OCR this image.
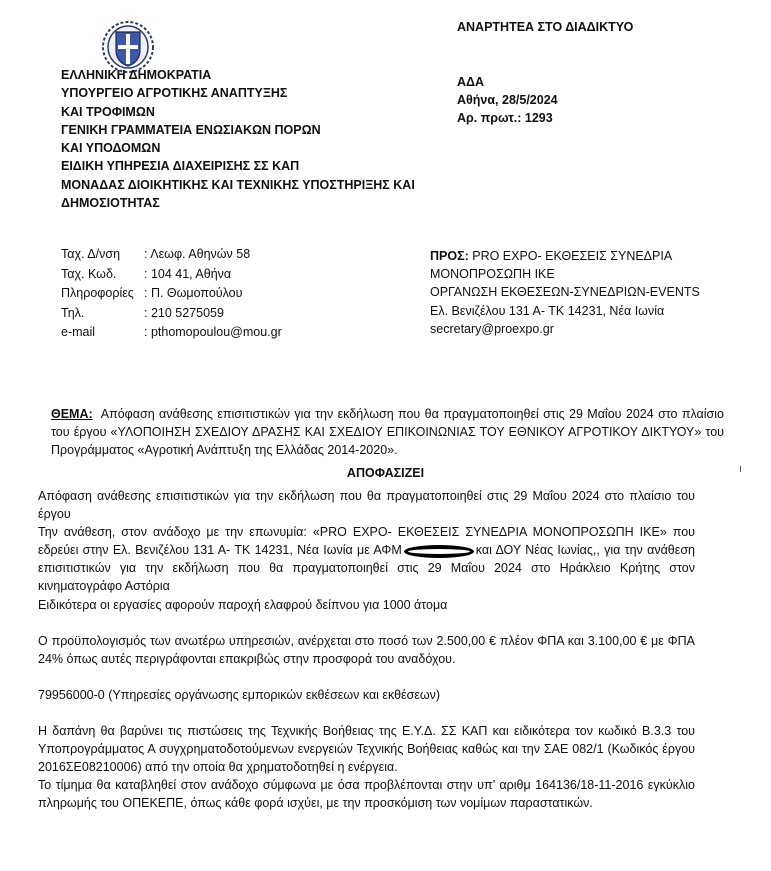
ΕΛΛΗΝΙΚΗ ΔΗΜΟΚΡΑΤΙΑ
ΥΠΟΥΡΓΕΙΟ ΑΓΡΟΤΙΚΗΣ ΑΝΑΠΤΥΞΗΣ
ΚΑΙ ΤΡΟΦΙΜΩΝ
ΓΕΝΙΚΗ ΓΡΑΜΜΑΤΕΙΑ ΕΝΩΣΙΑΚΩΝ ΠΟΡΩΝ
ΚΑΙ ΥΠΟΔΟΜΩΝ
ΕΙΔΙΚΗ ΥΠΗΡΕΣΙΑ ΔΙΑΧΕΙΡΙΣΗΣ ΣΣ ΚΑΠ
ΜΟΝΑΔΑΣ ΔΙΟΙΚΗΤΙΚΗΣ ΚΑΙ ΤΕΧΝΙΚΗΣ ΥΠΟΣΤΗΡΙΞΗΣ ΚΑΙ
ΔΗΜΟΣΙΟΤΗΤΑΣ
ΑΝΑΡΤΗΤΕΑ ΣΤΟ ΔΙΑΔΙΚΤΥΟ
ΑΔΑ
Αθήνα, 28/5/2024
Αρ. πρωτ.: 1293
Ταχ. Δ/νση	: Λεωφ. Αθηνών 58
Ταχ. Κωδ.	: 104 41, Αθήνα
Πληροφορίες : Π. Θωμοπούλου
Τηλ.	: 210 5275059
e-mail	: pthomopoulou@mou.gr
ΠΡΟΣ: PRO EXPO- ΕΚΘΕΣΕΙΣ ΣΥΝΕΔΡΙΑ
ΜΟΝΟΠΡΟΣΩΠΗ ΙΚΕ
ΟΡΓΑΝΩΣΗ ΕΚΘΕΣΕΩΝ-ΣΥΝΕΔΡΙΩΝ-EVENTS
Ελ. Βενιζέλου 131 Α- ΤΚ 14231, Νέα Ιωνία
secretary@proexpo.gr
ΘΕΜΑ: Απόφαση ανάθεσης επισιτιστικών για την εκδήλωση που θα πραγματοποιηθεί στις 29 Μαΐου 2024 στο πλαίσιο του έργου «ΥΛΟΠΟΙΗΣΗ ΣΧΕΔΙΟΥ ΔΡΑΣΗΣ ΚΑΙ ΣΧΕΔΙΟΥ ΕΠΙΚΟΙΝΩΝΙΑΣ ΤΟΥ ΕΘΝΙΚΟΥ ΑΓΡΟΤΙΚΟΥ ΔΙΚΤΥΟΥ» του Προγράμματος «Αγροτική Ανάπτυξη της Ελλάδας 2014-2020».
ΑΠΟΦΑΣΙΖΕΙ

Απόφαση ανάθεσης επισιτιστικών για την εκδήλωση που θα πραγματοποιηθεί στις 29 Μαΐου 2024 στο πλαίσιο του έργου

Την ανάθεση, στον ανάδοχο με την επωνυμία: «PRO EXPO- ΕΚΘΕΣΕΙΣ ΣΥΝΕΔΡΙΑ ΜΟΝΟΠΡΟΣΩΠΗ ΙΚΕ» που εδρεύει στην Ελ. Βενιζέλου 131 Α- ΤΚ 14231, Νέα Ιωνία με ΑΦΜ	και ΔΟΥ Νέας Ιωνίας,, για την ανάθεση επισιτιστικών για την εκδήλωση που θα πραγματοποιηθεί στις 29 Μαΐου 2024 στο Ηράκλειο Κρήτης στον κινηματογράφο Αστόρια

Ειδικότερα οι εργασίες αφορούν παροχή ελαφρού δείπνου για 1000 άτομα

Ο προϋπολογισμός των ανωτέρω υπηρεσιών, ανέρχεται στο ποσό των 2.500,00 € πλέον ΦΠΑ και 3.100,00 € με ΦΠΑ 24% όπως αυτές περιγράφονται επακριβώς στην προσφορά του αναδόχου.

79956000-0 (Υπηρεσίες οργάνωσης εμπορικών εκθέσεων και εκθέσεων)

Η δαπάνη θα βαρύνει τις πιστώσεις της Τεχνικής Βοήθειας της Ε.Υ.Δ. ΣΣ ΚΑΠ και ειδικότερα τον κωδικό Β.3.3 του Υποπρογράμματος Α συγχρηματοδοτούμενων ενεργειών Τεχνικής Βοήθειας καθώς και την ΣΑΕ 082/1 (Κωδικός έργου 2016ΣΕ08210006) από την οποία θα χρηματοδοτηθεί η ενέργεια.

Το τίμημα θα καταβληθεί στον ανάδοχο σύμφωνα με όσα προβλέπονται στην υπ’ αριθμ 164136/18-11-2016 εγκύκλιο πληρωμής του ΟΠΕΚΕΠΕ, όπως κάθε φορά ισχύει, με την προσκόμιση των νομίμων παραστατικών.
